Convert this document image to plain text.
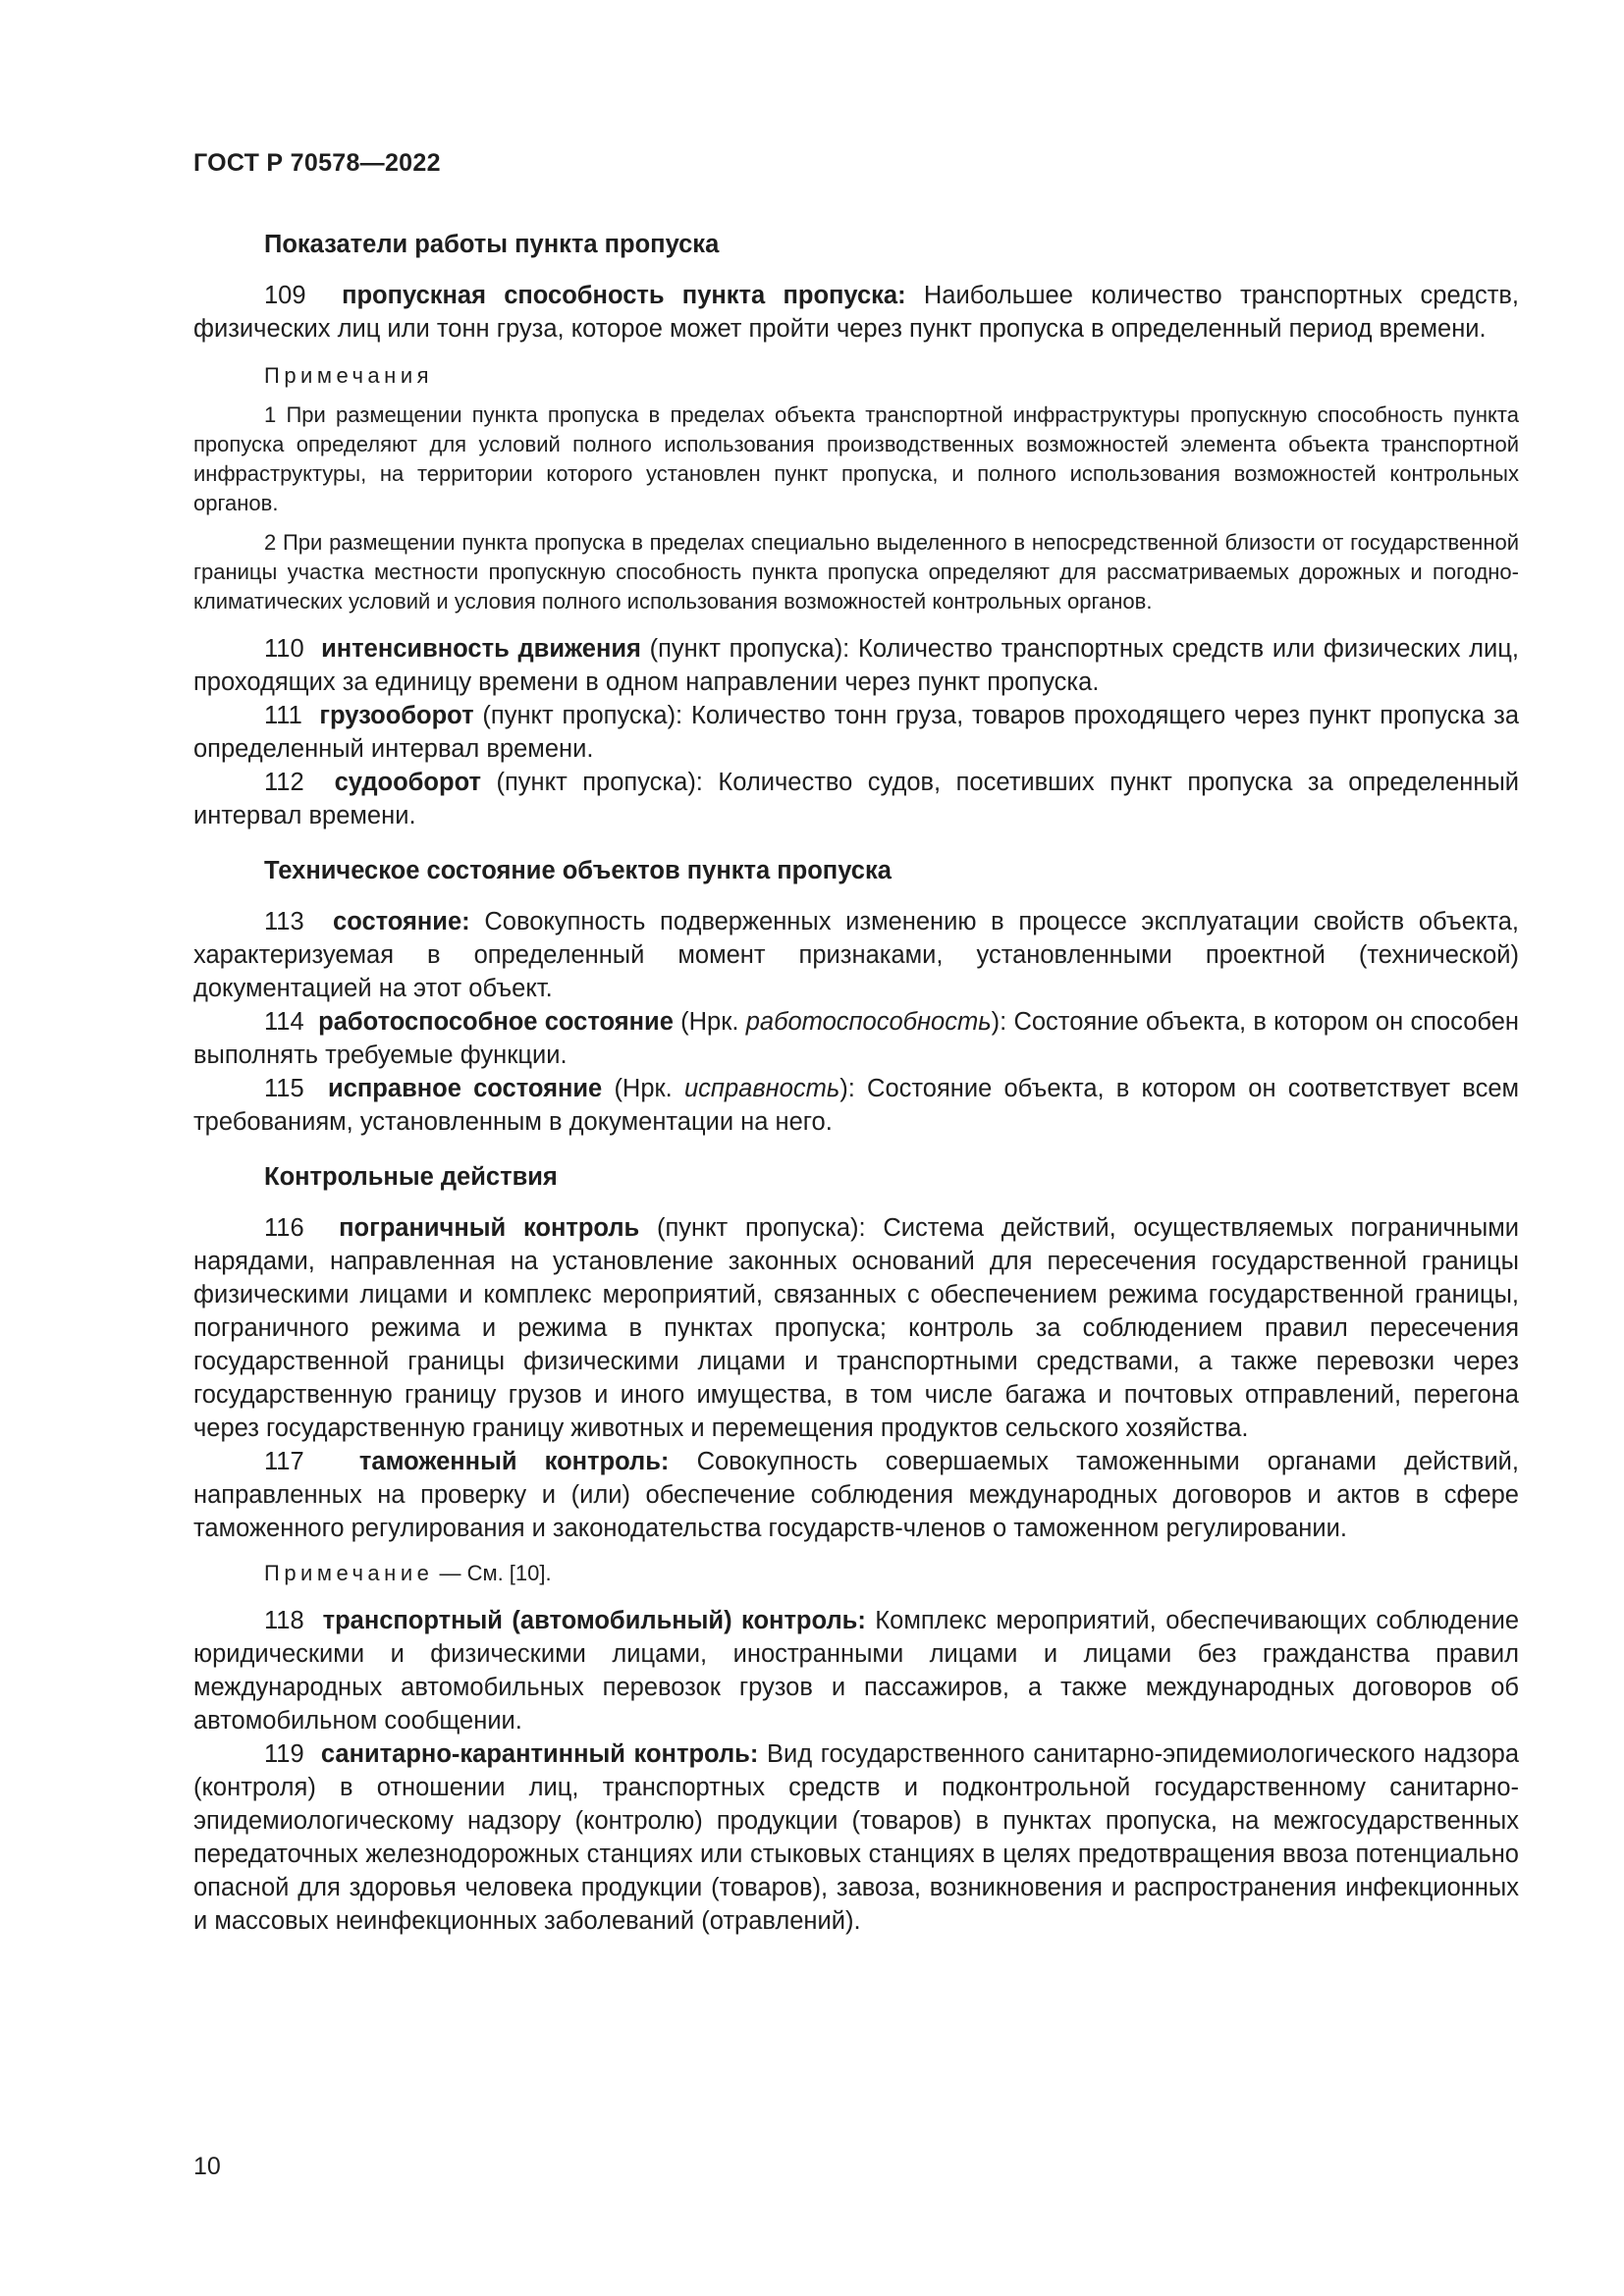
ГОСТ Р 70578—2022
Показатели работы пункта пропуска

109 пропускная способность пункта пропуска: Наибольшее количество транспортных средств, физических лиц или тонн груза, которое может пройти через пункт пропуска в определенный период времени.

Примечания

1 При размещении пункта пропуска в пределах объекта транспортной инфраструктуры пропускную способность пункта пропуска определяют для условий полного использования производственных возможностей элемента объекта транспортной инфраструктуры, на территории которого установлен пункт пропуска, и полного использования возможностей контрольных органов.

2 При размещении пункта пропуска в пределах специально выделенного в непосредственной близости от государственной границы участка местности пропускную способность пункта пропуска определяют для рассматриваемых дорожных и погодно-климатических условий и условия полного использования возможностей контрольных органов.

110 интенсивность движения (пункт пропуска): Количество транспортных средств или физических лиц, проходящих за единицу времени в одном направлении через пункт пропуска.

111 грузооборот (пункт пропуска): Количество тонн груза, товаров проходящего через пункт пропуска за определенный интервал времени.

112 судооборот (пункт пропуска): Количество судов, посетивших пункт пропуска за определенный интервал времени.

Техническое состояние объектов пункта пропуска

113 состояние: Совокупность подверженных изменению в процессе эксплуатации свойств объекта, характеризуемая в определенный момент признаками, установленными проектной (технической) документацией на этот объект.

114 работоспособное состояние (Нрк. работоспособность): Состояние объекта, в котором он способен выполнять требуемые функции.

115 исправное состояние (Нрк. исправность): Состояние объекта, в котором он соответствует всем требованиям, установленным в документации на него.

Контрольные действия

116 пограничный контроль (пункт пропуска): Система действий, осуществляемых пограничными нарядами, направленная на установление законных оснований для пересечения государственной границы физическими лицами и комплекс мероприятий, связанных с обеспечением режима государственной границы, пограничного режима и режима в пунктах пропуска; контроль за соблюдением правил пересечения государственной границы физическими лицами и транспортными средствами, а также перевозки через государственную границу грузов и иного имущества, в том числе багажа и почтовых отправлений, перегона через государственную границу животных и перемещения продуктов сельского хозяйства.

117 таможенный контроль: Совокупность совершаемых таможенными органами действий, направленных на проверку и (или) обеспечение соблюдения международных договоров и актов в сфере таможенного регулирования и законодательства государств-членов о таможенном регулировании.

Примечание — См. [10].

118 транспортный (автомобильный) контроль: Комплекс мероприятий, обеспечивающих соблюдение юридическими и физическими лицами, иностранными лицами и лицами без гражданства правил международных автомобильных перевозок грузов и пассажиров, а также международных договоров об автомобильном сообщении.

119 санитарно-карантинный контроль: Вид государственного санитарно-эпидемиологического надзора (контроля) в отношении лиц, транспортных средств и подконтрольной государственному санитарно-эпидемиологическому надзору (контролю) продукции (товаров) в пунктах пропуска, на межгосударственных передаточных железнодорожных станциях или стыковых станциях в целях предотвращения ввоза потенциально опасной для здоровья человека продукции (товаров), завоза, возникновения и распространения инфекционных и массовых неинфекционных заболеваний (отравлений).

10
